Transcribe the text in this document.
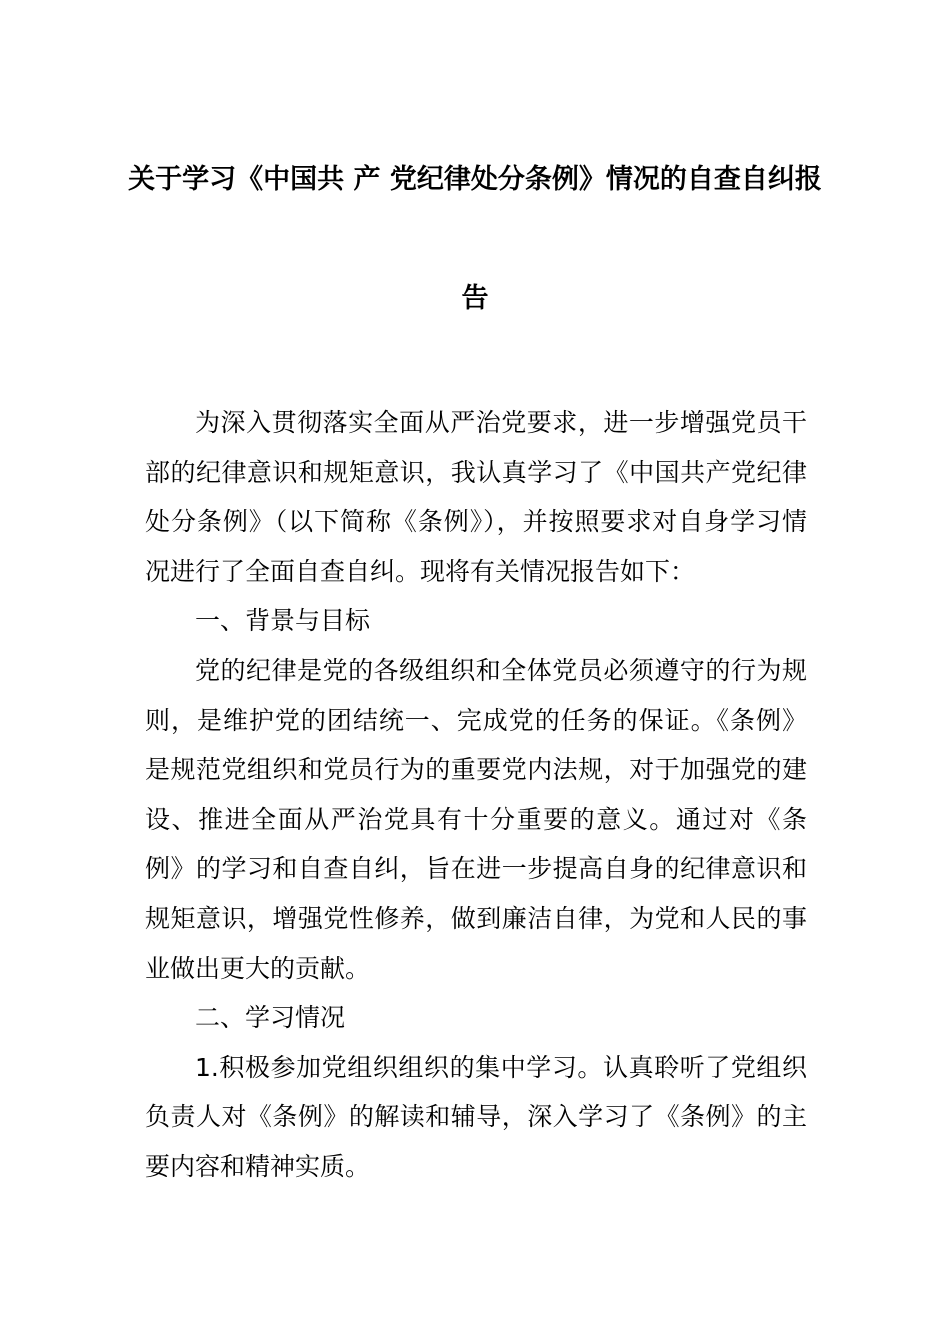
关于学习《中国共 产 党纪律处分条例》情况的自查自纠报
告

为深入贯彻落实全面从严治党要求，进一步增强党员干部的纪律意识和规矩意识，我认真学习了《中国共产党纪律处分条例》（以下简称《条例》），并按照要求对自身学习情况进行了全面自查自纠。现将有关情况报告如下：

一、背景与目标

党的纪律是党的各级组织和全体党员必须遵守的行为规则，是维护党的团结统一、完成党的任务的保证。《条例》是规范党组织和党员行为的重要党内法规，对于加强党的建设、推进全面从严治党具有十分重要的意义。通过对《条例》的学习和自查自纠，旨在进一步提高自身的纪律意识和规矩意识，增强党性修养，做到廉洁自律，为党和人民的事业做出更大的贡献。

二、学习情况

1.积极参加党组织组织的集中学习。认真聆听了党组织负责人对《条例》的解读和辅导，深入学习了《条例》的主要内容和精神实质。
